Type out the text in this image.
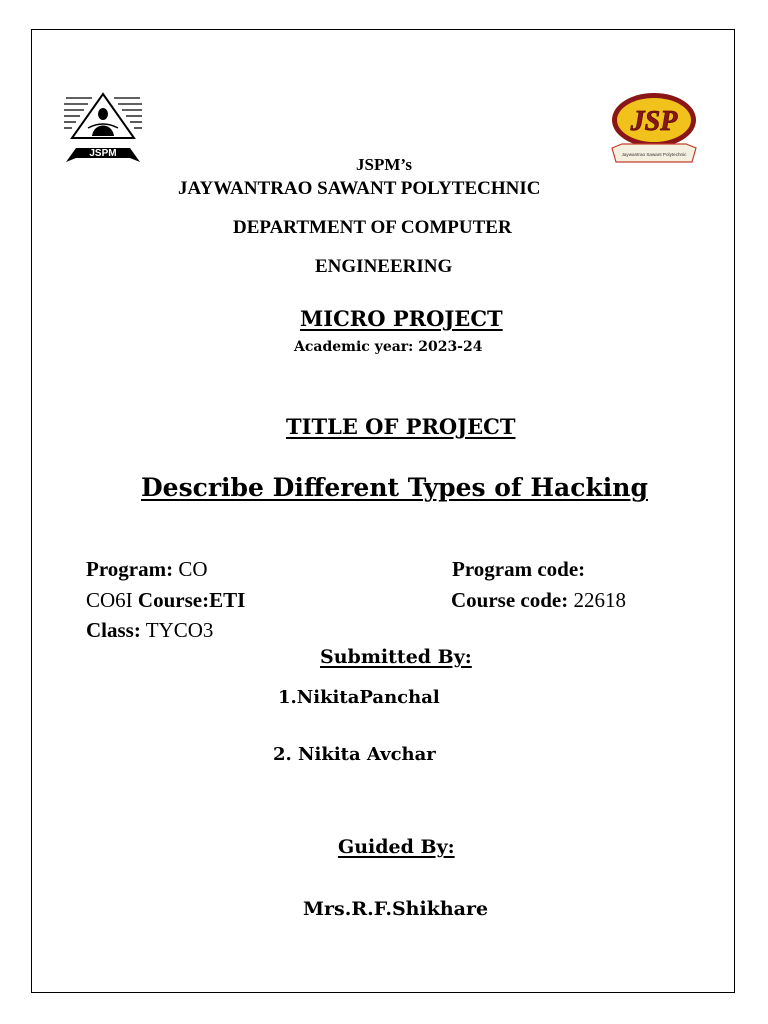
JSPM
JSP
Jaywantrao Sawant Polytechnic
JSPM’s
JAYWANTRAO SAWANT POLYTECHNIC
DEPARTMENT OF COMPUTER
ENGINEERING
MICRO PROJECT
Academic year: 2023-24
TITLE OF PROJECT
Describe Different Types of Hacking
Program: CO	Program code:
CO6I Course:ETI	Course code: 22618
Class: TYCO3
Submitted By:
1.NikitaPanchal
2. Nikita Avchar
Guided By:
Mrs.R.F.Shikhare
